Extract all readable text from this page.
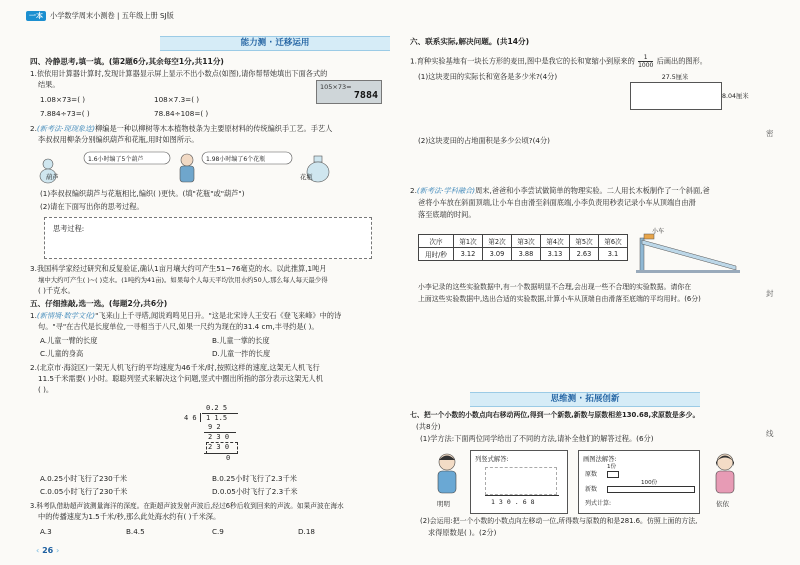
一本 小学数学周末小测卷 | 五年级上册 SJ版
能力测 · 迁移运用
四、冷静思考,填一填。(第2题6分,其余每空1分,共11分)
1.依依用计算器计算时,发现计算器显示屏上显示不出小数点(如图),请你帮帮她填出下面各式的
结果。	105×73=
7884
1.08×73=( )	108×7.3=( )
7.884÷73=( )	78.84÷108=( )
2.(新考法·现现象连)柳编是一种以柳树等木本植物枝条为主要原材料的传统编织手工艺。手艺人
李叔叔用柳条分别编织葫芦和花瓶,用时如图所示。
1.6小时编了5个葫芦	1.98小时编了6个花瓶
葫芦	花瓶
(1)李叔叔编织葫芦与花瓶相比,编织( )更快。(填"花瓶"或"葫芦")
(2)请在下面写出你的思考过程。
思考过程:
3.我国科学家经过研究和反复验证,确认1亩月壤大约可产生51~76毫克的水。以此推算,1吨月
壤中大约可产生( )~( )克水。(1吨约为41亩)。如果每个人每天平均饮用水约50人,那么每人每天最少得
( )千克水。
五、仔细推敲,选一选。(每题2分,共6分)
1.(新情境·数学文化)"飞来山上千寻塔,闻说鸡鸣见日升。"这是北宋诗人王安石《登飞来峰》中的诗
句。"寻"在古代是长度单位,一寻相当于八尺,如果一尺约为现在的31.4 cm,丰寻约是( )。
A.儿童一臂的长度	B.儿童一掌的长度
C.儿童的身高	D.儿童一拃的长度
2.(北京市·海淀区)一架无人机飞行的平均速度为46千米/时,按照这样的速度,这架无人机飞行
11.5千米需要( )小时。聪聪列竖式来解决这个问题,竖式中圈出所指的部分表示这架无人机
( )。
0.2 5
4 6 1 1.5
9 2
2 3 0
2 3 0
0
A.0.25小时飞行了230千米	B.0.25小时飞行了2.3千米
C.0.05小时飞行了230千米	D.0.05小时飞行了2.3千米
3.科考队借助超声波测量海洋的深度。在距超声波发射声波后,经过6秒后收到回来的声波。如果声波在海水
中的传播速度为1.5千米/秒,那么此处海水约有( )千米深。
A.3	B.4.5	C.9	D.18
‹ 26 ›
六、联系实际,解决问题。(共14分)
1.育种实验基地有一块长方形的麦田,图中是我它的长和宽缩小到原来的 $\frac{1}{1000}$ 后画出的图形。
(1)这块麦田的实际长和宽各是多少米?(4分)	27.5厘米
8.04厘米
(2)这块麦田的占地面积是多少公顷?(4分)
2.(新考法·学科融合)周末,爸爸和小李尝试做简单的物理实验。二人用长木板制作了一个斜面,爸
爸将小车放在斜面顶端,让小车自由滑至斜面底端,小李负责用秒表记录小车从顶端自由滑
落至底端的时间。
次序	第1次	第2次	第3次	第4次	第5次	第6次
用时/秒	3.12	3.09	3.88	3.13	2.63	3.1
小车
小李记录的这些实验数据中,有一个数据明显不合理,会出现一些不合理的实验数据。请你在
上面这些实验数据中,选出合适的实验数据,计算小车从顶端自由滑落至底端的平均用时。(6分)
思维测 · 拓展创新
七、把一个小数的小数点向右移动两位,得到一个新数,新数与原数相差130.68,求原数是多少。
(共8分)
(1)学方法:下面两位同学给出了不同的方法,请补全他们的解答过程。(6分)
明明
列竖式解答:
130.68
画图法解答:
1份
原数
100份
新数
列式计算:	依依
(2)会运用:把一个小数的小数点向左移动一位,所得数与原数的和是281.6。仿照上面的方法,
求得原数是( )。(2分)
密
封
线
